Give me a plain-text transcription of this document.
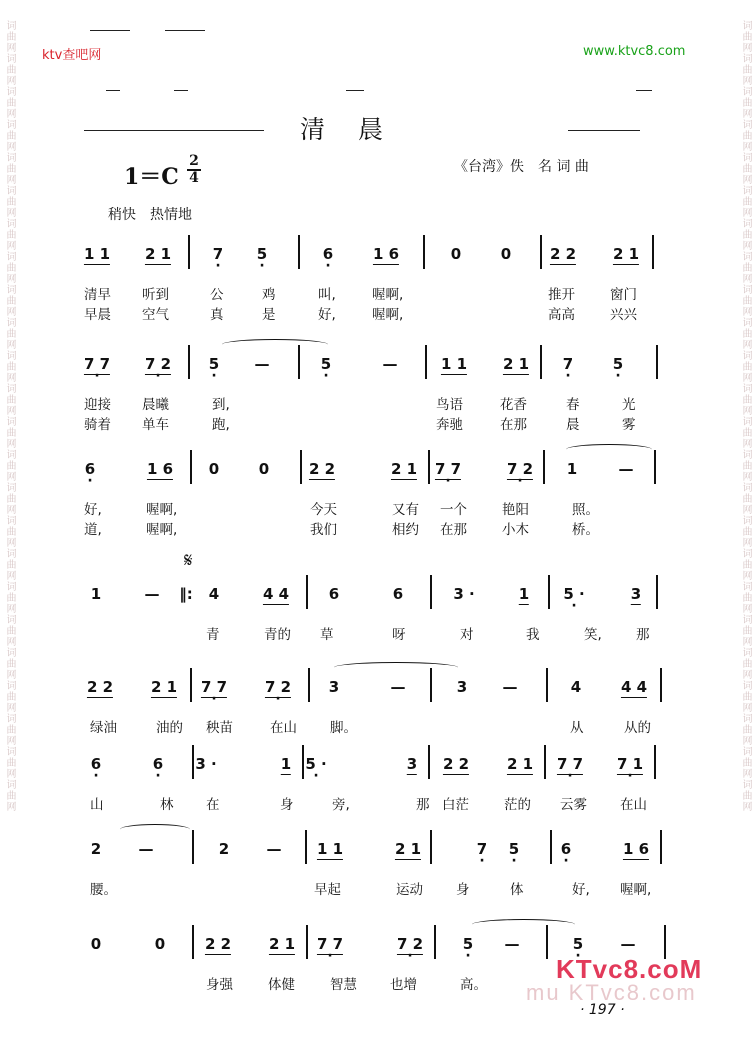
词曲网词曲网词曲网词曲网词曲网词曲网词曲网词曲网词曲网词曲网词曲网词曲网词曲网词曲网词曲网词曲网词曲网词曲网词曲网词曲网词曲网词曲网词曲网词曲网	词曲网词曲网词曲网词曲网词曲网词曲网词曲网词曲网词曲网词曲网词曲网词曲网词曲网词曲网词曲网词曲网词曲网词曲网词曲网词曲网词曲网词曲网词曲网词曲网
ktv查吧网	www.ktvc8.com
清晨
1＝C
2
4
《台湾》佚　名 词 曲
稍快　热情地
𝄋
1 1 2 1	7 · 5 ·	6 ·	1 6	0	0	2 2 2 1
清早 听到	公	鸡	叫,	喔啊,	推开	窗门
早晨 空气	真	是	好,	喔啊,	高高	兴兴
7 7 · 7 2 ·	5 · —	5 ·	—	1 1 2 1 7 ·	5 ·
迎接 晨曦	到,	鸟语	花香	春	光
骑着 单车	跑,	奔驰	在那	晨	雾
6 ·	1 6 0	0	2 2	2 1 7 7 ·	7 2 · 1	—
好,	喔啊,	今天	又有 一个	艳阳	照。
道,	喔啊,	我们	相约 在那	小木	桥。
1	— ‖: 4	4 4	6	6	3 ·	1 5 · ·	3
青	青的 草	呀	对	我	笑,	那
2 2	2 1 7 7 ·	7 2 ·	3	—	3 —	4	4 4
绿油	油的 秧苗	在山 脚。	从	从的
6 ·	6 · 3 ·	1 5 · ·	3 2 2	2 1 7 7 · 7 1 ·
山	林 在	身	旁,	那 白茫	茫的 云雾 在山
2 —	2 — 1 1	2 1	7 · 5 ·	6 ·	1 6
腰。	早起	运动 身	体	好, 喔啊,
0	0	2 2	2 1 7 7 ·	7 2 ·	5 · —	5 · —
身强	体健	智慧 也增	高。
· 197 ·
mu KTvc8.com
KTvc8.coM
